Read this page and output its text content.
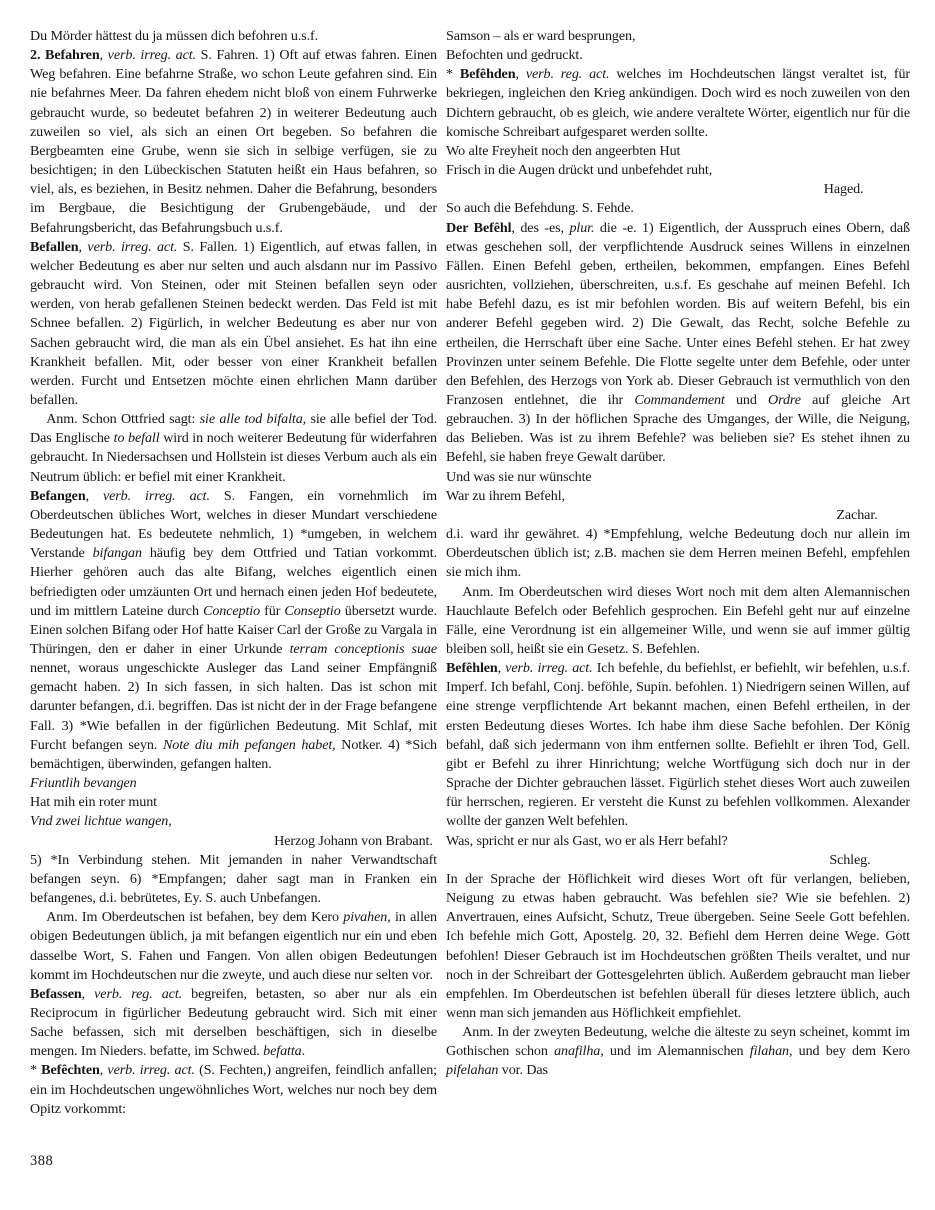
Du Mörder hättest du ja müssen dich befohren u.s.f.

2. Befahren, verb. irreg. act. S. Fahren. 1) Oft auf etwas fahren. Einen Weg befahren. Eine befahrne Straße, wo schon Leute gefahren sind. Ein nie befahrnes Meer. Da fahren ehedem nicht bloß von einem Fuhrwerke gebraucht wurde, so bedeutet befahren 2) in weiterer Bedeutung auch zuweilen so viel, als sich an einen Ort begeben. So befahren die Bergbeamten eine Grube, wenn sie sich in selbige verfügen, sie zu besichtigen; in den Lübeckischen Statuten heißt ein Haus befahren, so viel, als, es beziehen, in Besitz nehmen. Daher die Befahrung, besonders im Bergbaue, die Besichtigung der Grubengebäude, und der Befahrungsbericht, das Befahrungsbuch u.s.f.

Befallen, verb. irreg. act. S. Fallen. 1) Eigentlich, auf etwas fallen, in welcher Bedeutung es aber nur selten und auch alsdann nur im Passivo gebraucht wird. Von Steinen, oder mit Steinen befallen seyn oder werden, von herab gefallenen Steinen bedeckt werden. Das Feld ist mit Schnee befallen. 2) Figürlich, in welcher Bedeutung es aber nur von Sachen gebraucht wird, die man als ein Übel ansiehet. Es hat ihn eine Krankheit befallen. Mit, oder besser von einer Krankheit befallen werden. Furcht und Entsetzen möchte einen ehrlichen Mann darüber befallen.

Anm. Schon Ottfried sagt: sie alle tod bifalta, sie alle befiel der Tod. Das Englische to befall wird in noch weiterer Bedeutung für widerfahren gebraucht. In Niedersachsen und Hollstein ist dieses Verbum auch als ein Neutrum üblich: er befiel mit einer Krankheit.

Befangen, verb. irreg. act. S. Fangen, ein vornehmlich im Oberdeutschen übliches Wort, welches in dieser Mundart verschiedene Bedeutungen hat. Es bedeutete nehmlich, 1) *umgeben, in welchem Verstande bifangan häufig bey dem Ottfried und Tatian vorkommt. Hierher gehören auch das alte Bifang, welches eigentlich einen befriedigten oder umzäunten Ort und hernach einen jeden Hof bedeutete, und im mittlern Lateine durch Conceptio für Conseptio übersetzt wurde. Einen solchen Bifang oder Hof hatte Kaiser Carl der Große zu Vargala in Thüringen, den er daher in einer Urkunde terram conceptionis suae nennet, woraus ungeschickte Ausleger das Land seiner Empfängniß gemacht haben. 2) In sich fassen, in sich halten. Das ist schon mit darunter befangen, d.i. begriffen. Das ist nicht der in der Frage befangene Fall. 3) *Wie befallen in der figürlichen Bedeutung. Mit Schlaf, mit Furcht befangen seyn. Note diu mih pefangen habet, Notker. 4) *Sich bemächtigen, überwinden, gefangen halten.

Friuntlih bevangen

Hat mih ein roter munt

Vnd zwei lichtue wangen,

Herzog Johann von Brabant.

5) *In Verbindung stehen. Mit jemanden in naher Verwandtschaft befangen seyn. 6) *Empfangen; daher sagt man in Franken ein befangenes, d.i. bebrütetes, Ey. S. auch Unbefangen.

Anm. Im Oberdeutschen ist befahen, bey dem Kero pivahen, in allen obigen Bedeutungen üblich, ja mit befangen eigentlich nur ein und eben dasselbe Wort, S. Fahen und Fangen. Von allen obigen Bedeutungen kommt im Hochdeutschen nur die zweyte, und auch diese nur selten vor.

Befassen, verb. reg. act. begreifen, betasten, so aber nur als ein Reciprocum in figürlicher Bedeutung gebraucht wird. Sich mit einer Sache befassen, sich mit derselben beschäftigen, sich in dieselbe mengen. Im Nieders. befatte, im Schwed. befatta.

* Befêchten, verb. irreg. act. (S. Fechten,) angreifen, feindlich anfallen; ein im Hochdeutschen ungewöhnliches Wort, welches nur noch bey dem Opitz vorkommt:

Samson – als er ward besprungen,

Befochten und gedruckt.

* Befêhden, verb. reg. act. welches im Hochdeutschen längst veraltet ist, für bekriegen, ingleichen den Krieg ankündigen. Doch wird es noch zuweilen von den Dichtern gebraucht, ob es gleich, wie andere veraltete Wörter, eigentlich nur für die komische Schreibart aufgesparet werden sollte.

Wo alte Freyheit noch den angeerbten Hut

Frisch in die Augen drückt und unbefehdet ruht,

Haged.

So auch die Befehdung. S. Fehde.

Der Befêhl, des -es, plur. die -e. 1) Eigentlich, der Ausspruch eines Obern, daß etwas geschehen soll, der verpflichtende Ausdruck seines Willens in einzelnen Fällen. Einen Befehl geben, ertheilen, bekommen, empfangen. Eines Befehl ausrichten, vollziehen, überschreiten, u.s.f. Es geschahe auf meinen Befehl. Ich habe Befehl dazu, es ist mir befohlen worden. Bis auf weitern Befehl, bis ein anderer Befehl gegeben wird. 2) Die Gewalt, das Recht, solche Befehle zu ertheilen, die Herrschaft über eine Sache. Unter eines Befehl stehen. Er hat zwey Provinzen unter seinem Befehle. Die Flotte segelte unter dem Befehle, oder unter den Befehlen, des Herzogs von York ab. Dieser Gebrauch ist vermuthlich von den Franzosen entlehnet, die ihr Commandement und Ordre auf gleiche Art gebrauchen. 3) In der höflichen Sprache des Umganges, der Wille, die Neigung, das Belieben. Was ist zu ihrem Befehle? was belieben sie? Es stehet ihnen zu Befehl, sie haben freye Gewalt darüber.

Und was sie nur wünschte

War zu ihrem Befehl,

Zachar.

d.i. ward ihr gewähret. 4) *Empfehlung, welche Bedeutung doch nur allein im Oberdeutschen üblich ist; z.B. machen sie dem Herren meinen Befehl, empfehlen sie mich ihm.

Anm. Im Oberdeutschen wird dieses Wort noch mit dem alten Alemannischen Hauchlaute Befelch oder Befehlich gesprochen. Ein Befehl geht nur auf einzelne Fälle, eine Verordnung ist ein allgemeiner Wille, und wenn sie auf immer gültig bleiben soll, heißt sie ein Gesetz. S. Befehlen.

Befêhlen, verb. irreg. act. Ich befehle, du befiehlst, er befiehlt, wir befehlen, u.s.f. Imperf. Ich befahl, Conj. beföhle, Supin. befohlen. 1) Niedrigern seinen Willen, auf eine strenge verpflichtende Art bekannt machen, einen Befehl ertheilen, in der ersten Bedeutung dieses Wortes. Ich habe ihm diese Sache befohlen. Der König befahl, daß sich jedermann von ihm entfernen sollte. Befiehlt er ihren Tod, Gell. gibt er Befehl zu ihrer Hinrichtung; welche Wortfügung sich doch nur in der Sprache der Dichter gebrauchen lässet. Figürlich stehet dieses Wort auch zuweilen für herrschen, regieren. Er versteht die Kunst zu befehlen vollkommen. Alexander wollte der ganzen Welt befehlen.

Was, spricht er nur als Gast, wo er als Herr befahl?

Schleg.

In der Sprache der Höflichkeit wird dieses Wort oft für verlangen, belieben, Neigung zu etwas haben gebraucht. Was befehlen sie? Wie sie befehlen. 2) Anvertrauen, eines Aufsicht, Schutz, Treue übergeben. Seine Seele Gott befehlen. Ich befehle mich Gott, Apostelg. 20, 32. Befiehl dem Herren deine Wege. Gott befohlen! Dieser Gebrauch ist im Hochdeutschen größten Theils veraltet, und nur noch in der Schreibart der Gottesgelehrten üblich. Außerdem gebraucht man lieber empfehlen. Im Oberdeutschen ist befehlen überall für dieses letztere üblich, auch wenn man sich jemanden aus Höflichkeit empfiehlet.

Anm. In der zweyten Bedeutung, welche die älteste zu seyn scheinet, kommt im Gothischen schon anafilha, und im Alemannischen filahan, und bey dem Kero pifelahan vor. Das

388
